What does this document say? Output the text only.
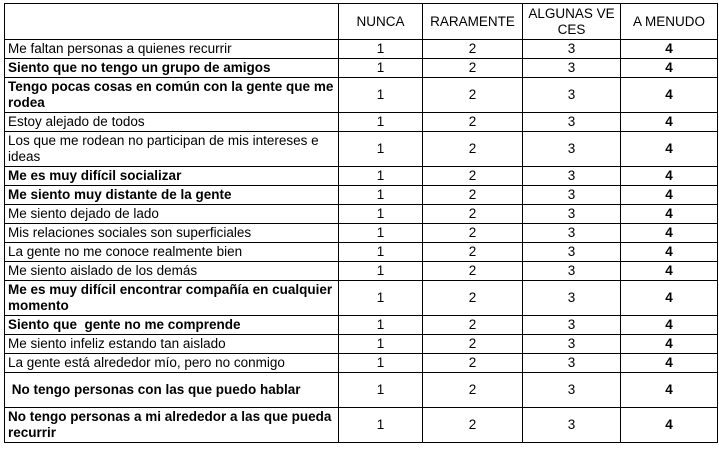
	NUNCA	RARAMENTE	ALGUNAS VECES	A MENUDO
Me faltan personas a quienes recurrir	1	2	3	4
Siento que no tengo un grupo de amigos	1	2	3	4
Tengo pocas cosas en común con la gente que me rodea	1	2	3	4
Estoy alejado de todos	1	2	3	4
Los que me rodean no participan de mis intereses e ideas	1	2	3	4
Me es muy difícil socializar	1	2	3	4
Me siento muy distante de la gente	1	2	3	4
Me siento dejado de lado	1	2	3	4
Mis relaciones sociales son superficiales	1	2	3	4
La gente no me conoce realmente bien	1	2	3	4
Me siento aislado de los demás	1	2	3	4
Me es muy difícil encontrar compañía en cualquier momento	1	2	3	4
Siento que  gente no me comprende	1	2	3	4
Me siento infeliz estando tan aislado	1	2	3	4
La gente está alrededor mío, pero no conmigo	1	2	3	4
No tengo personas con las que puedo hablar	1	2	3	4
No tengo personas a mi alrededor a las que pueda recurrir	1	2	3	4
